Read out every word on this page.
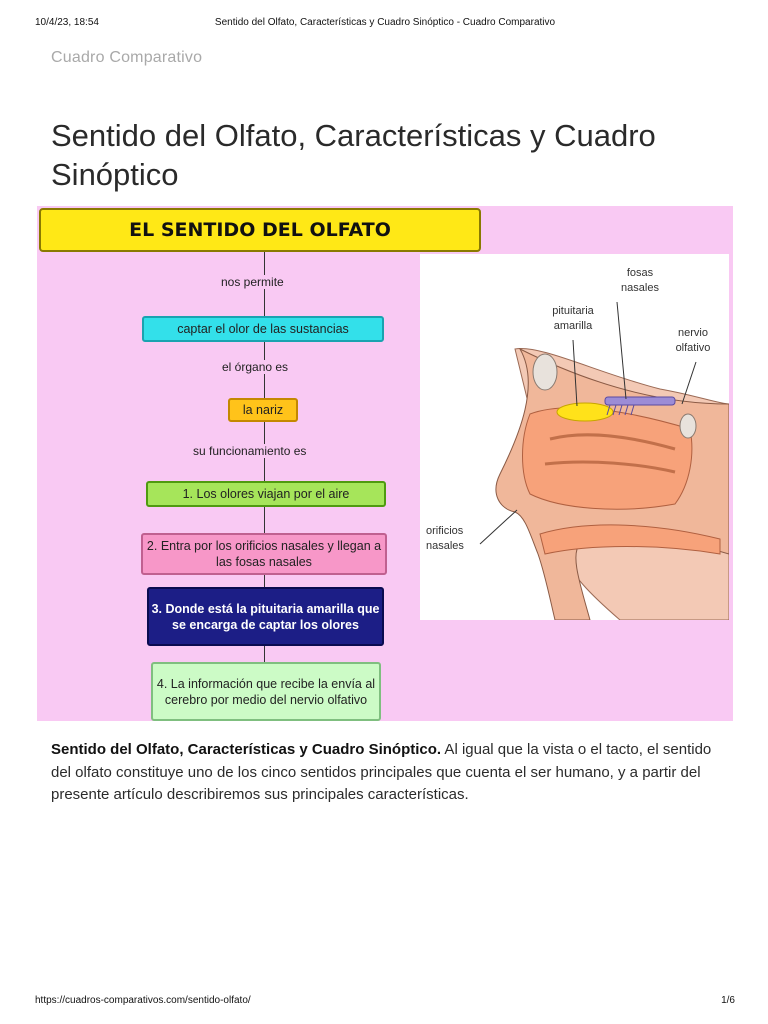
10/4/23, 18:54	Sentido del Olfato, Características y Cuadro Sinóptico - Cuadro Comparativo
Cuadro Comparativo
Sentido del Olfato, Características y Cuadro Sinóptico
EL SENTIDO DEL OLFATO
nos permite
captar el olor de las sustancias
el órgano es
la nariz
su funcionamiento es
1. Los olores viajan por el aire
2. Entra por los orificios nasales y llegan a las fosas nasales
3. Donde está la pituitaria amarilla que se encarga de captar los olores
4. La información que recibe la envía al cerebro por medio del nervio olfativo
fosas nasales
pituitaria amarilla
nervio olfativo
orificios nasales

Sentido del Olfato, Características y Cuadro Sinóptico. Al igual que la vista o el tacto, el sentido del olfato constituye uno de los cinco sentidos principales que cuenta el ser humano, y a partir del presente artículo describiremos sus principales características.

https://cuadros-comparativos.com/sentido-olfato/	1/6
